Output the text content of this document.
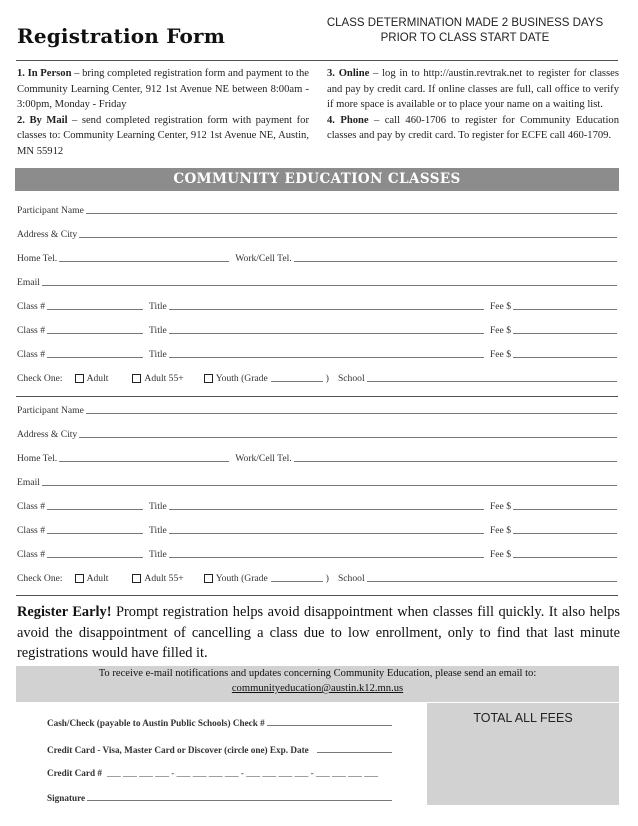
Registration Form
CLASS DETERMINATION MADE 2 BUSINESS DAYS
PRIOR TO CLASS START DATE
1. In Person – bring completed registration form and payment to the Community Learning Center, 912 1st Avenue NE between 8:00am - 3:00pm, Monday - Friday
2. By Mail – send completed registration form with payment for classes to: Community Learning Center, 912 1st Avenue NE, Austin, MN 55912
3. Online – log in to http://austin.revtrak.net to register for classes and pay by credit card. If online classes are full, call office to verify if more space is available or to place your name on a waiting list.
4. Phone – call 460-1706 to register for Community Education classes and pay by credit card. To register for ECFE call 460-1709.
COMMUNITY EDUCATION CLASSES
Participant Name
Address & City
Home Tel.	Work/Cell Tel.
Email
Class #	Title	Fee $
Class #	Title	Fee $
Class #	Title	Fee $
Check One:	Adult	Adult 55+	Youth (Grade	) School
Participant Name
Address & City
Home Tel.	Work/Cell Tel.
Email
Class #	Title	Fee $
Class #	Title	Fee $
Class #	Title	Fee $
Check One:	Adult	Adult 55+	Youth (Grade	) School
Register Early! Prompt registration helps avoid disappointment when classes fill quickly. It also helps avoid the disappointment of cancelling a class due to low enrollment, only to find that last minute registrations would have filled it.
To receive e-mail notifications and updates concerning Community Education, please send an email to:
communityeducation@austin.k12.mn.us
TOTAL ALL FEES
Cash/Check (payable to Austin Public Schools) Check #
Credit Card - Visa, Master Card or Discover (circle one) Exp. Date
Credit Card # ___ ___ ___ ___ - ___ ___ ___ ___ - ___ ___ ___ ___ - ___ ___ ___ ___
Signature
